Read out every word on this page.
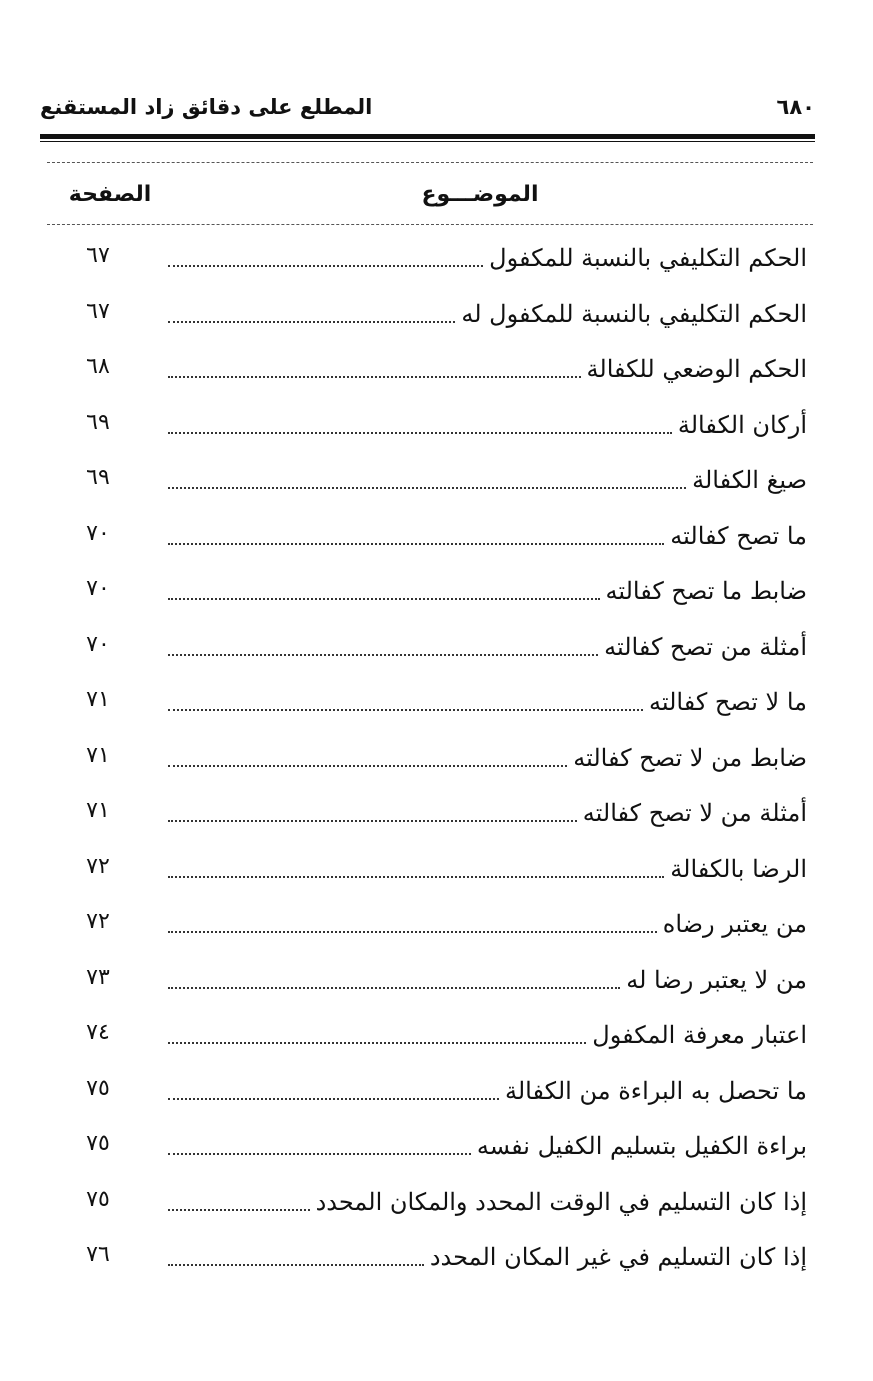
المطلع على دقائق زاد المستقنع	٦٨٠
الموضـــوع
الصفحة
الحكم التكليفي بالنسبة للمكفول
٦٧
الحكم التكليفي بالنسبة للمكفول له
٦٧
الحكم الوضعي للكفالة
٦٨
أركان الكفالة
٦٩
صيغ الكفالة
٦٩
ما تصح كفالته
٧٠
ضابط ما تصح كفالته
٧٠
أمثلة من تصح كفالته
٧٠
ما لا تصح كفالته
٧١
ضابط من لا تصح كفالته
٧١
أمثلة من لا تصح كفالته
٧١
الرضا بالكفالة
٧٢
من يعتبر رضاه
٧٢
من لا يعتبر رضا له
٧٣
اعتبار معرفة المكفول
٧٤
ما تحصل به البراءة من الكفالة
٧٥
براءة الكفيل بتسليم الكفيل نفسه
٧٥
إذا كان التسليم في الوقت المحدد والمكان المحدد
٧٥
إذا كان التسليم في غير المكان المحدد
٧٦
